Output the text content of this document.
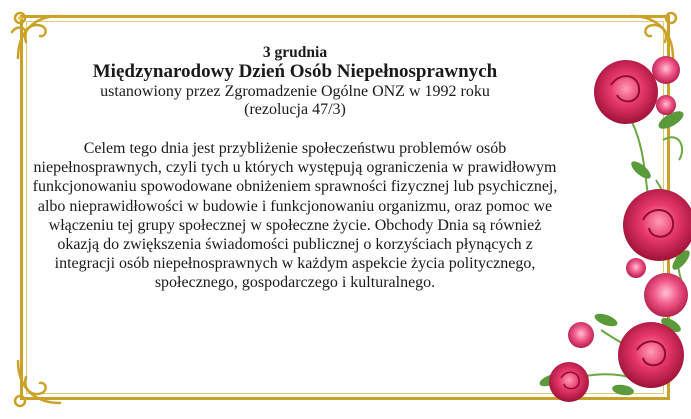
3 grudnia
Międzynarodowy Dzień Osób Niepełnosprawnych
ustanowiony przez Zgromadzenie Ogólne ONZ w 1992 roku
(rezolucja 47/3)
Celem tego dnia jest przybliżenie społeczeństwu problemów osób niepełnosprawnych, czyli tych u których występują ograniczenia w prawidłowym funkcjonowaniu spowodowane obniżeniem sprawności fizycznej lub psychicznej, albo nieprawidłowości w budowie i funkcjonowaniu organizmu, oraz pomoc we włączeniu tej grupy społecznej w społeczne życie. Obchody Dnia są również okazją do zwiększenia świadomości publicznej o korzyściach płynących z integracji osób niepełnosprawnych w każdym aspekcie życia politycznego, społecznego, gospodarczego i kulturalnego.
